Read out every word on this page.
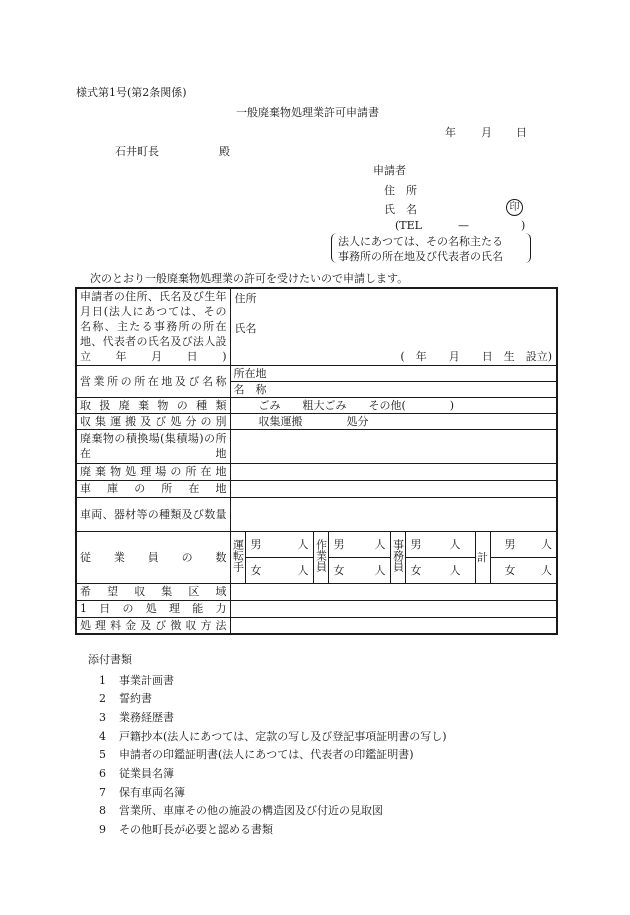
様式第1号(第2条関係)
一般廃棄物処理業許可申請書
年 月 日
石井町長	殿
申請者
住　所
氏　名	印
(TEL	—	)
法人にあつては、その名称主たる
事務所の所在地及び代表者の氏名
次のとおり一般廃棄物処理業の許可を受けたいので申請します。
申請者の住所、氏名及び生年月日(法人にあつては、その名称、主たる事務所の所在地、代表者の氏名及び法人設立年月日)	住所
氏名
(　年　　月　　日　生　設立)							

営業所の所在地及び名称	所在地							
	名　称							
取扱廃棄物の種類	ごみ　　粗大ごみ　　その他(　　　　)							
収集運搬及び処分の別	収集運搬　　　　処分							
廃棄物の積換場(集積場)の所在地								
廃棄物処理場の所在地								
車庫の所在地								
車両、器材等の種類及び数量								
従業員の数	運転手	男 人	作業員	男 人	事務員	男 人	計	男 人

		女 人		女 人		女 人		女 人

希望収集区域								
1日の処理能力								
処理料金及び徴収方法								
添付書類
1 事業計画書
2 誓約書
3 業務経歴書
4 戸籍抄本(法人にあつては、定款の写し及び登記事項証明書の写し)
5 申請者の印鑑証明書(法人にあつては、代表者の印鑑証明書)
6 従業員名簿
7 保有車両名簿
8 営業所、車庫その他の施設の構造図及び付近の見取図
9 その他町長が必要と認める書類
